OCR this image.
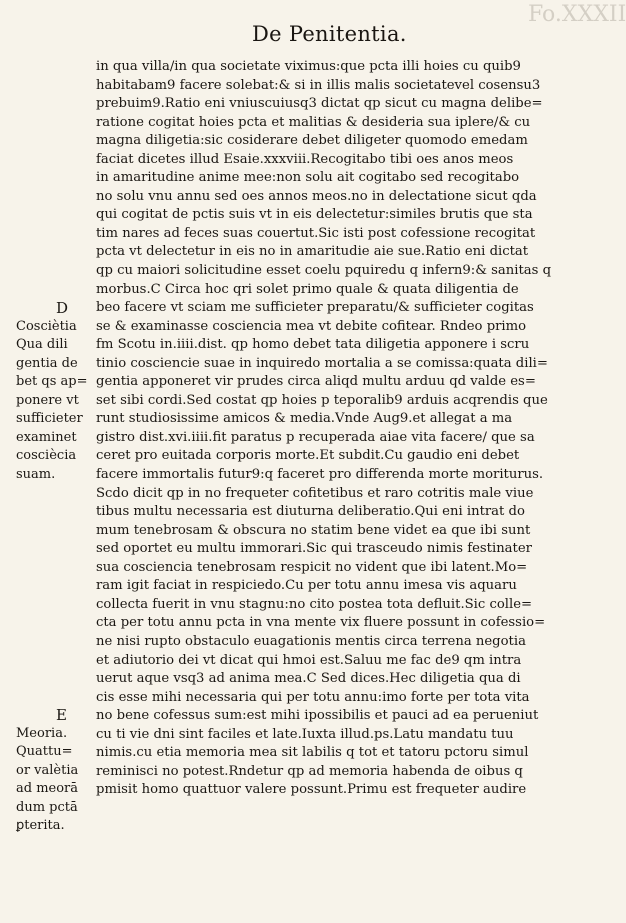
Fo.XXXII
De Penitentia.
D
Cosciètia
Qua dili
gentia de
bet qs ap=
ponere vt
sufficieter
examinet
cosciècia
suam.
E
Meoria.
Quattu=
or valètia
ad meorā
dum pctā
ꝑterita.
in qua villa/in qua societate viximus:que pcta illi hoies cu quib9
habitabam9 facere solebat:& si in illis malis societatevel cosensu3
prebuim9.Ratio eni vniuscuiusq3 dictat qp sicut cu magna delibe=
ratione cogitat hoies pcta et malitias & desideria sua iplere/& cu
magna diligetia:sic cosiderare debet diligeter quomodo emedam
faciat dicetes illud Esaie.xxxviii.Recogitabo tibi oes anos meos
in amaritudine anime mee:non solu ait cogitabo sed recogitabo
no solu vnu annu sed oes annos meos.no in delectatione sicut qda
qui cogitat de pctis suis vt in eis delectetur:similes brutis que sta
tim nares ad feces suas couertut.Sic isti post cofessione recogitat
pcta vt delectetur in eis no in amaritudie aie sue.Ratio eni dictat
qp cu maiori solicitudine esset coelu pquiredu q infern9:& sanitas q
morbus.C Circa hoc qri solet primo quale & quata diligentia de
beo facere vt sciam me sufficieter preparatu/& sufficieter cogitas
se & examinasse cosciencia mea vt debite cofitear. Rndeo primo
fm Scotu in.iiii.dist. qp homo debet tata diligetia apponere i scru
tinio cosciencie suae in inquiredo mortalia a se comissa:quata dili=
gentia apponeret vir prudes circa aliqd multu arduu qd valde es=
set sibi cordi.Sed costat qp hoies p teporalib9 arduis acqrendis que
runt studiosissime amicos & media.Vnde Aug9.et allegat a ma
gistro dist.xvi.iiii.fit paratus p recuperada aiae vita facere/ que sa
ceret pro euitada corporis morte.Et subdit.Cu gaudio eni debet
facere immortalis futur9:q faceret pro differenda morte moriturus.
Scdo dicit qp in no frequeter cofitetibus et raro cotritis male viue
tibus multu necessaria est diuturna deliberatio.Qui eni intrat do
mum tenebrosam & obscura no statim bene videt ea que ibi sunt
sed oportet eu multu immorari.Sic qui trasceudo nimis festinater
sua cosciencia tenebrosam respicit no vident que ibi latent.Mo=
ram igit faciat in respiciedo.Cu per totu annu imesa vis aquaru
collecta fuerit in vnu stagnu:no cito postea tota defluit.Sic colle=
cta per totu annu pcta in vna mente vix fluere possunt in cofessio=
ne nisi rupto obstaculo euagationis mentis circa terrena negotia
et adiutorio dei vt dicat qui hmoi est.Saluu me fac de9 qm intra
uerut aque vsq3 ad anima mea.C Sed dices.Hec diligetia qua di
cis esse mihi necessaria qui per totu annu:imo forte per tota vita
no bene cofessus sum:est mihi ipossibilis et pauci ad ea perueniut
cu ti vie dni sint faciles et late.Iuxta illud.ps.Latu mandatu tuu
nimis.cu etia memoria mea sit labilis q tot et tatoru pctoru simul
reminisci no potest.Rndetur qp ad memoria habenda de oibus q
pmisit homo quattuor valere possunt.Primu est frequeter audire
